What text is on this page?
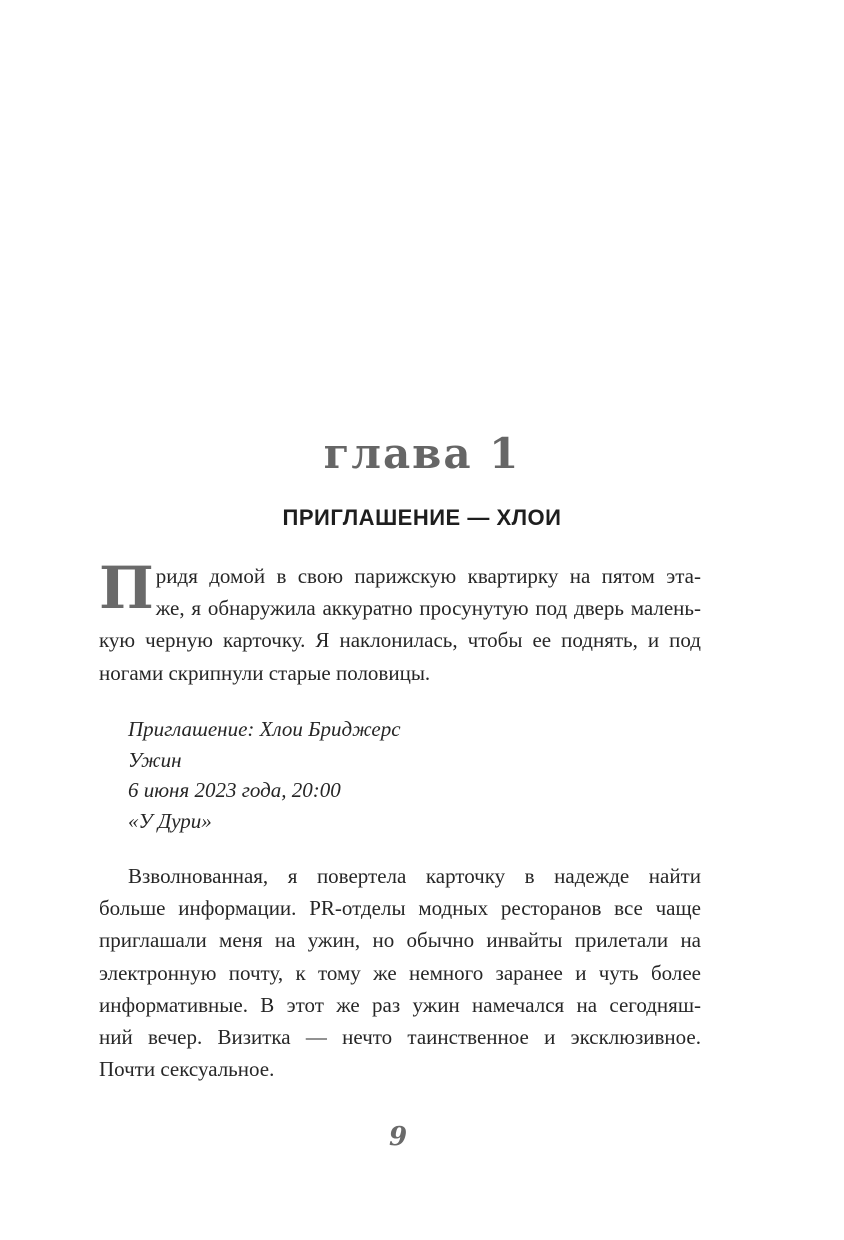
глава 1
ПРИГЛАШЕНИЕ — ХЛОИ
П ридя домой в свою парижскую квартирку на пятом эта-
же, я обнаружила аккуратно просунутую под дверь малень-
кую черную карточку. Я наклонилась, чтобы ее поднять, и под
ногами скрипнули старые половицы.
Приглашение: Хлои Бриджерс
Ужин
6 июня 2023 года, 20:00
«У Дури»
Взволнованная, я повертела карточку в надежде найти
больше информации. PR-отделы модных ресторанов все чаще
приглашали меня на ужин, но обычно инвайты прилетали на
электронную почту, к тому же немного заранее и чуть более
информативные. В этот же раз ужин намечался на сегодняш-
ний вечер. Визитка — нечто таинственное и эксклюзивное.
Почти сексуальное.
9
